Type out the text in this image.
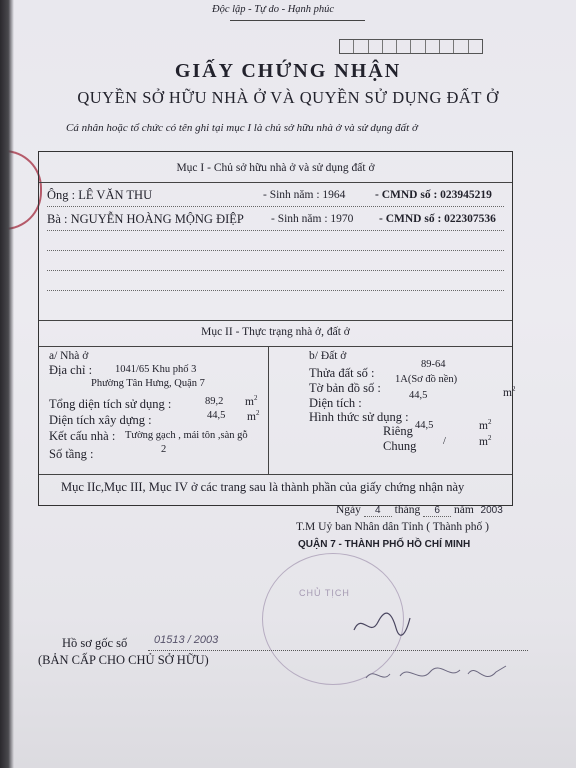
Độc lập - Tự do - Hạnh phúc
GIẤY CHỨNG NHẬN
QUYỀN SỞ HỮU NHÀ Ở VÀ QUYỀN SỬ DỤNG ĐẤT Ở
Cá nhân hoặc tổ chức có tên ghi tại mục I là chủ sở hữu nhà ở và sử dụng đất ở
Mục I - Chủ sở hữu nhà ở và sử dụng đất ở
Ông : LÊ VĂN THU	- Sinh năm : 1964	- CMND số : 023945219
Bà : NGUYỄN HOÀNG MỘNG ĐIỆP - Sinh năm : 1970 - CMND số : 022307536
Mục II - Thực trạng nhà ở, đất ở
a/ Nhà ở
Địa chỉ : 1041/65 Khu phố 3
Phường Tân Hưng, Quận 7
Tổng diện tích sử dụng :	89,2 $m^2$
Diện tích xây dựng :	44,5 $m^2$
Kết cấu nhà : Tường gạch , mái tôn ,sàn gỗ
Số tầng :	2
b/ Đất ở
Thửa đất số :
89-64
Tờ bản đồ số :
1A(Sơ đồ nền)
Diện tích :
44,5	$m^2$
Hình thức sử dụng :
Riêng 44,5	$m^2$
Chung	/	$m^2$
Mục IIc,Mục III, Mục IV ở các trang sau là thành phần của giấy chứng nhận này
Ngày 4 tháng 6 năm 2003
T.M Uỷ ban Nhân dân Tỉnh ( Thành phố )
QUẬN 7 - THÀNH PHỐ HỒ CHÍ MINH
CHỦ TỊCH
Hồ sơ gốc số 01513 / 2003
(BẢN CẤP CHO CHỦ SỞ HỮU)
